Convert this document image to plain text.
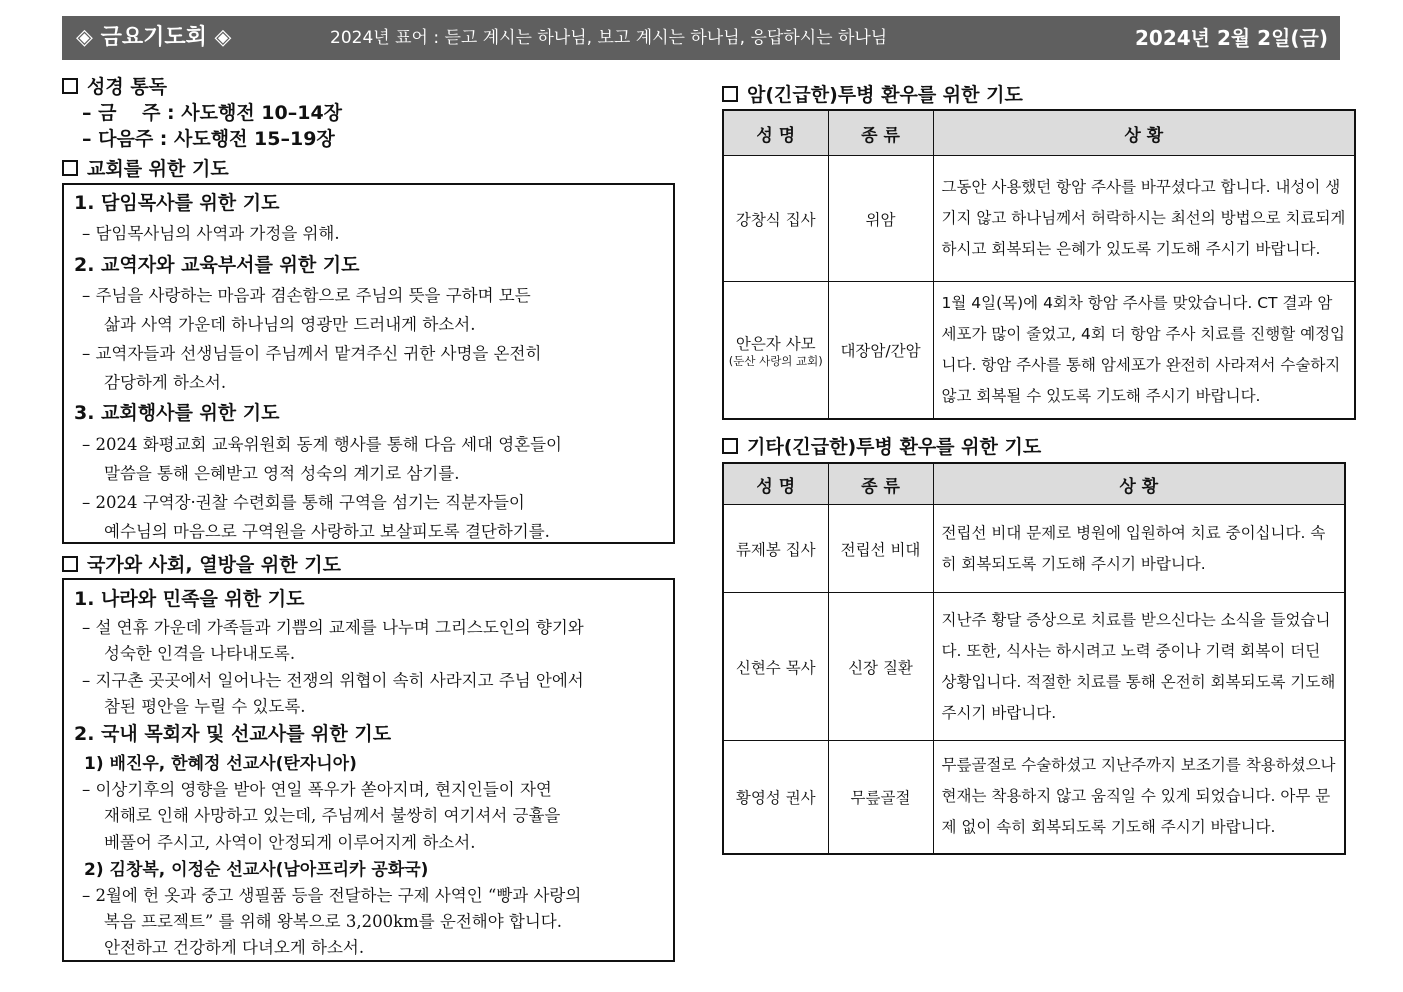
◈ 금요기도회 ◈	2024년 표어 : 듣고 계시는 하나님, 보고 계시는 하나님, 응답하시는 하나님	2024년 2월 2일(금)
성경 통독
– 금　 주 : 사도행전 10–14장
– 다음주 : 사도행전 15–19장
교회를 위한 기도
1. 담임목사를 위한 기도
– 담임목사님의 사역과 가정을 위해.
2. 교역자와 교육부서를 위한 기도
– 주님을 사랑하는 마음과 겸손함으로 주님의 뜻을 구하며 모든
삶과 사역 가운데 하나님의 영광만 드러내게 하소서.
– 교역자들과 선생님들이 주님께서 맡겨주신 귀한 사명을 온전히
감당하게 하소서.
3. 교회행사를 위한 기도
– 2024 화평교회 교육위원회 동계 행사를 통해 다음 세대 영혼들이
말씀을 통해 은혜받고 영적 성숙의 계기로 삼기를.
– 2024 구역장·권찰 수련회를 통해 구역을 섬기는 직분자들이
예수님의 마음으로 구역원을 사랑하고 보살피도록 결단하기를.
국가와 사회, 열방을 위한 기도
1. 나라와 민족을 위한 기도
– 설 연휴 가운데 가족들과 기쁨의 교제를 나누며 그리스도인의 향기와
성숙한 인격을 나타내도록.
– 지구촌 곳곳에서 일어나는 전쟁의 위협이 속히 사라지고 주님 안에서
참된 평안을 누릴 수 있도록.
2. 국내 목회자 및 선교사를 위한 기도
1) 배진우, 한혜정 선교사(탄자니아)
– 이상기후의 영향을 받아 연일 폭우가 쏟아지며, 현지인들이 자연
재해로 인해 사망하고 있는데, 주님께서 불쌍히 여기셔서 긍휼을
베풀어 주시고, 사역이 안정되게 이루어지게 하소서.
2) 김창복, 이정순 선교사(남아프리카 공화국)
– 2월에 헌 옷과 중고 생필품 등을 전달하는 구제 사역인 “빵과 사랑의
복음 프로젝트” 를 위해 왕복으로 3,200km를 운전해야 합니다.
안전하고 건강하게 다녀오게 하소서.
암(긴급한)투병 환우를 위한 기도
성 명	종 류	상 황
강창식 집사	위암	그동안 사용했던 항암 주사를 바꾸셨다고 합니다. 내성이 생기지 않고 하나님께서 허락하시는 최선의 방법으로 치료되게 하시고 회복되는 은혜가 있도록 기도해 주시기 바랍니다.
안은자 사모
(둔산 사랑의 교회)	대장암/간암	1월 4일(목)에 4회차 항암 주사를 맞았습니다. CT 결과 암세포가 많이 줄었고, 4회 더 항암 주사 치료를 진행할 예정입니다. 항암 주사를 통해 암세포가 완전히 사라져서 수술하지 않고 회복될 수 있도록 기도해 주시기 바랍니다.
기타(긴급한)투병 환우를 위한 기도
성 명	종 류	상 황
류제봉 집사	전립선 비대	전립선 비대 문제로 병원에 입원하여 치료 중이십니다. 속히 회복되도록 기도해 주시기 바랍니다.
신현수 목사	신장 질환	지난주 황달 증상으로 치료를 받으신다는 소식을 들었습니다. 또한, 식사는 하시려고 노력 중이나 기력 회복이 더딘 상황입니다. 적절한 치료를 통해 온전히 회복되도록 기도해 주시기 바랍니다.
황영성 권사	무릎골절	무릎골절로 수술하셨고 지난주까지 보조기를 착용하셨으나 현재는 착용하지 않고 움직일 수 있게 되었습니다. 아무 문제 없이 속히 회복되도록 기도해 주시기 바랍니다.
